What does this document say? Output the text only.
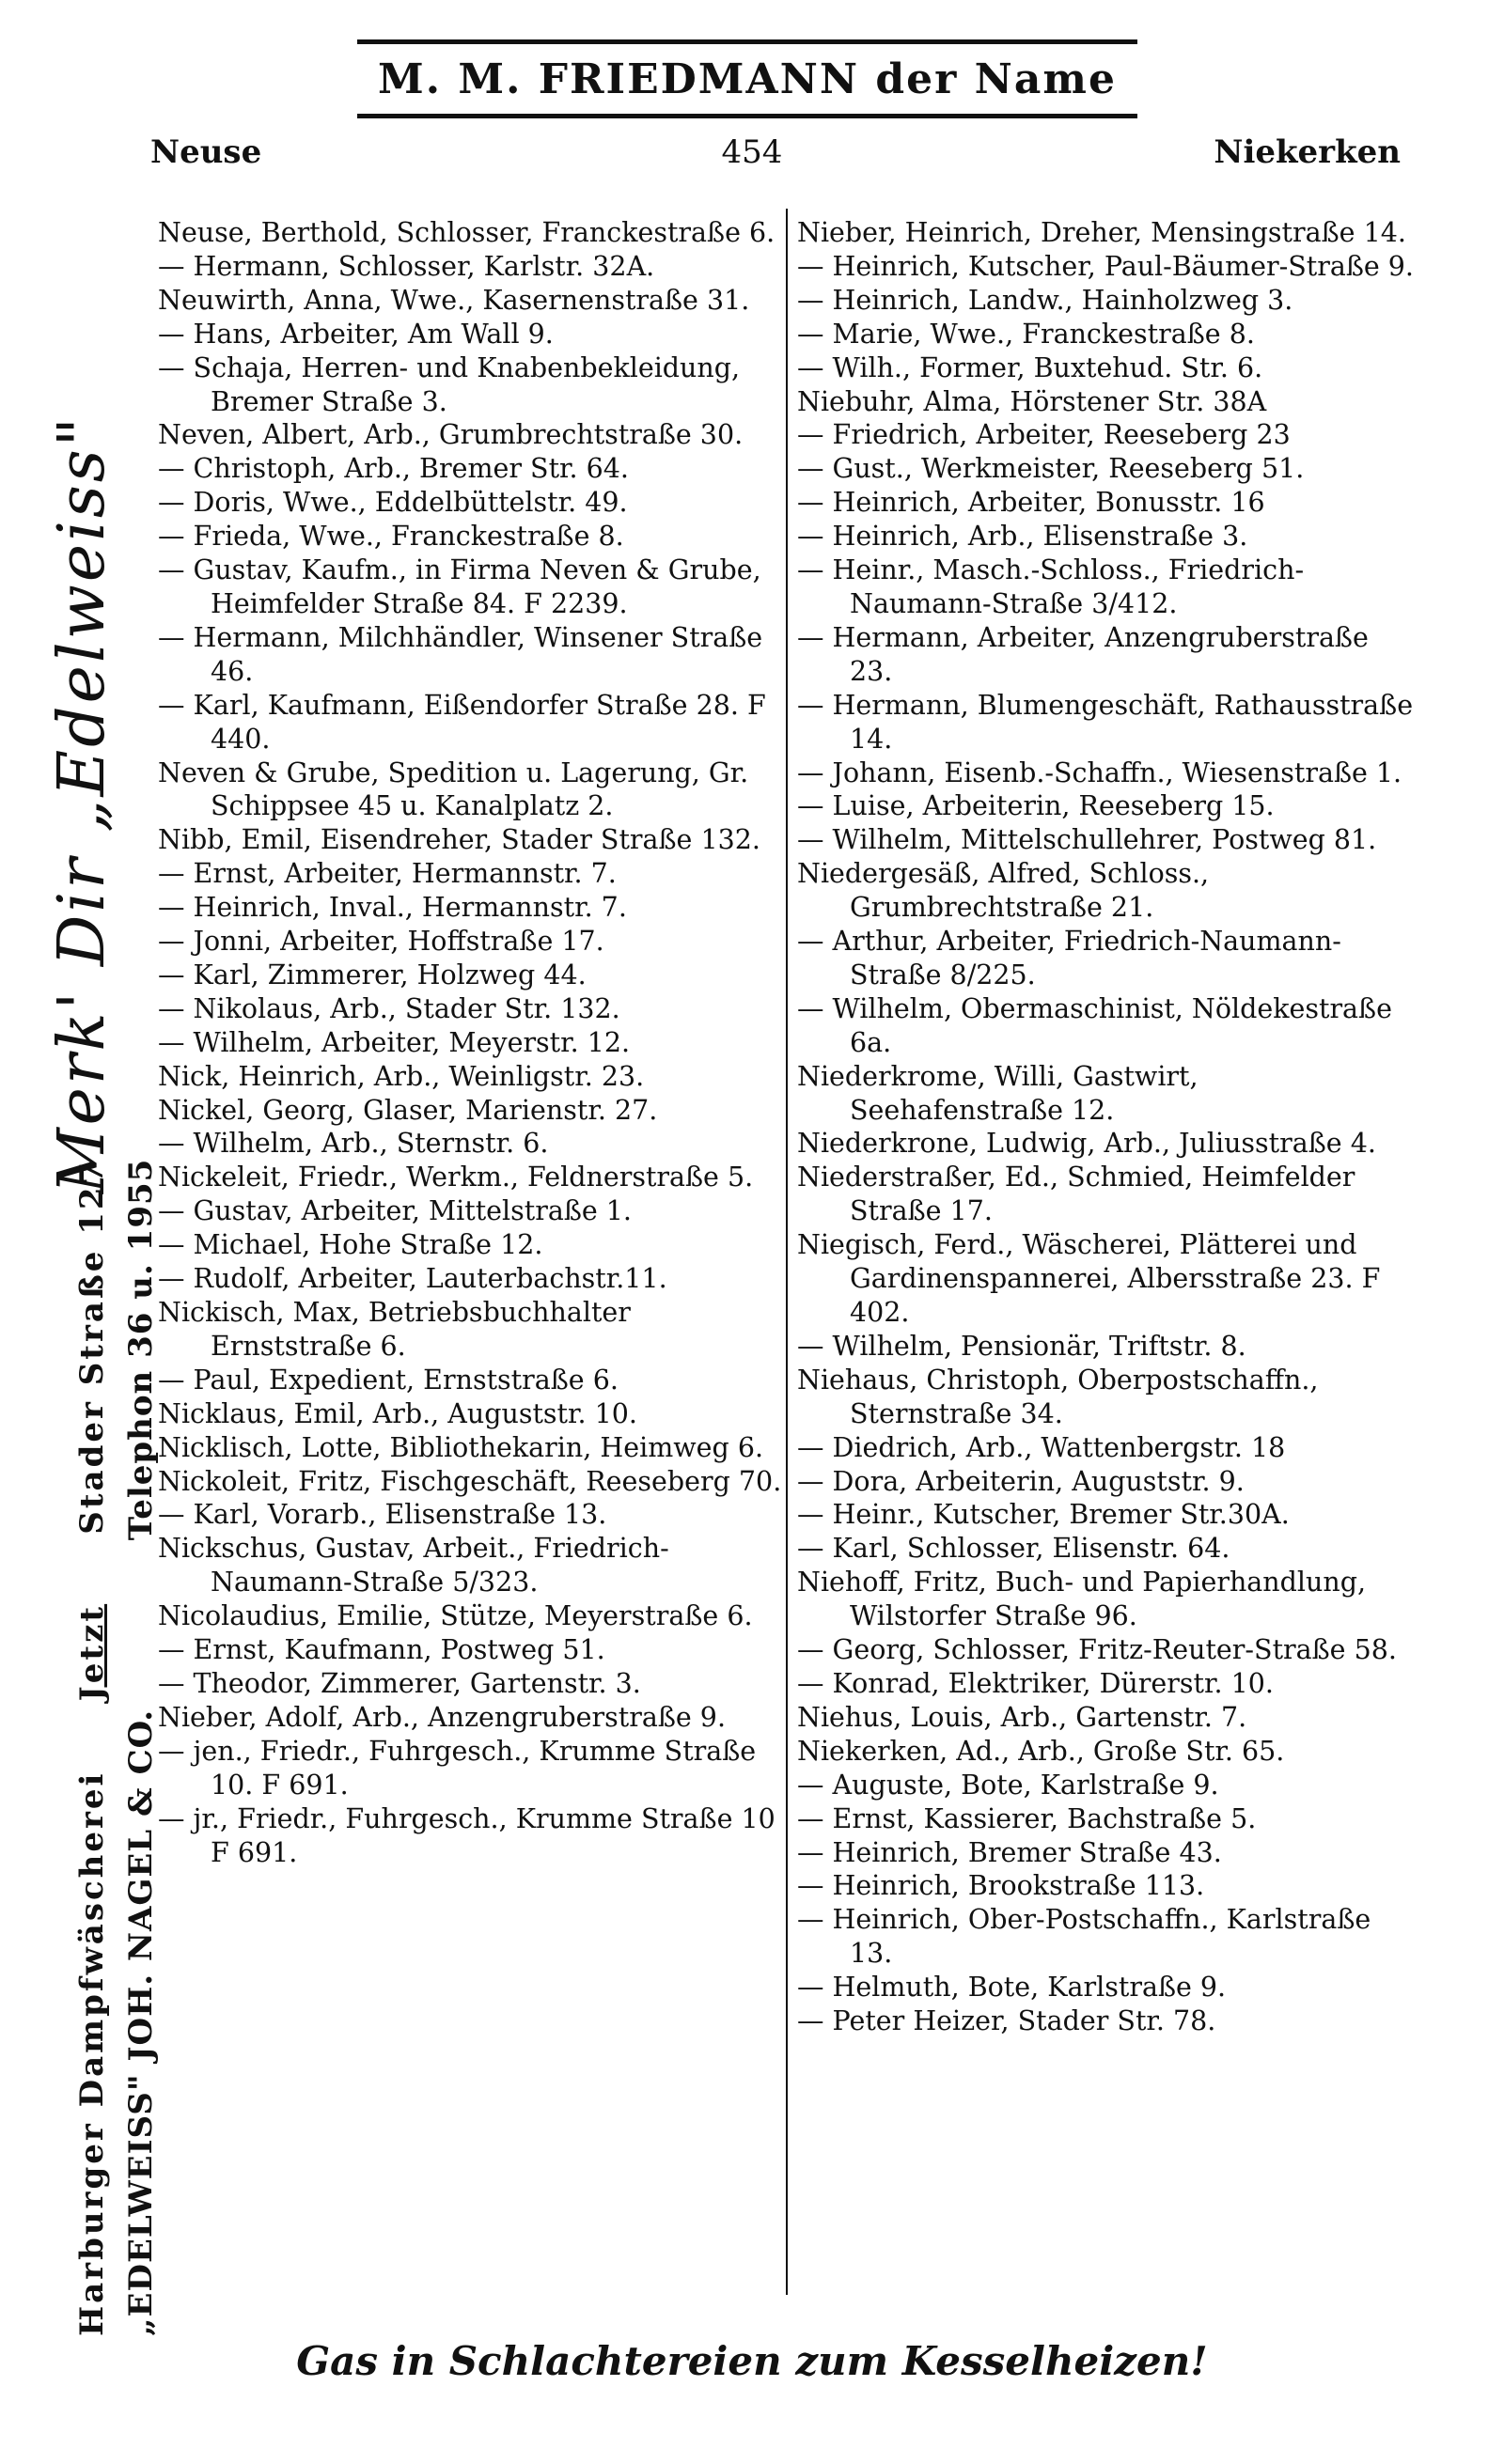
M. M. FRIEDMANN der Name
Neuse	454	Niekerken
Merk' Dir „Edelweiss"
Harburger Dampfwäscherei     Jetzt     Stader Straße 127
„EDELWEISS" JOH. NAGEL & CO.              Telephon 36 u. 1955
Neuse, Berthold, Schlosser, Franckestraße 6.
— Hermann, Schlosser, Karlstr. 32A.
Neuwirth, Anna, Wwe., Kasernenstraße 31.
— Hans, Arbeiter, Am Wall 9.
— Schaja, Herren- und Knabenbekleidung, Bremer Straße 3.
Neven, Albert, Arb., Grumbrechtstraße 30.
— Christoph, Arb., Bremer Str. 64.
— Doris, Wwe., Eddelbüttelstr. 49.
— Frieda, Wwe., Franckestraße 8.
— Gustav, Kaufm., in Firma Neven & Grube, Heimfelder Straße 84. F 2239.
— Hermann, Milchhändler, Winsener Straße 46.
— Karl, Kaufmann, Eißendorfer Straße 28. F 440.
Neven & Grube, Spedition u. Lagerung, Gr. Schippsee 45 u. Kanalplatz 2.
Nibb, Emil, Eisendreher, Stader Straße 132.
— Ernst, Arbeiter, Hermannstr. 7.
— Heinrich, Inval., Hermannstr. 7.
— Jonni, Arbeiter, Hoffstraße 17.
— Karl, Zimmerer, Holzweg 44.
— Nikolaus, Arb., Stader Str. 132.
— Wilhelm, Arbeiter, Meyerstr. 12.
Nick, Heinrich, Arb., Weinligstr. 23.
Nickel, Georg, Glaser, Marienstr. 27.
— Wilhelm, Arb., Sternstr. 6.
Nickeleit, Friedr., Werkm., Feldnerstraße 5.
— Gustav, Arbeiter, Mittelstraße 1.
— Michael, Hohe Straße 12.
— Rudolf, Arbeiter, Lauterbachstr.11.
Nickisch, Max, Betriebsbuchhalter Ernststraße 6.
— Paul, Expedient, Ernststraße 6.
Nicklaus, Emil, Arb., Auguststr. 10.
Nicklisch, Lotte, Bibliothekarin, Heimweg 6.
Nickoleit, Fritz, Fischgeschäft, Reeseberg 70.
— Karl, Vorarb., Elisenstraße 13.
Nickschus, Gustav, Arbeit., Friedrich-Naumann-Straße 5/323.
Nicolaudius, Emilie, Stütze, Meyerstraße 6.
— Ernst, Kaufmann, Postweg 51.
— Theodor, Zimmerer, Gartenstr. 3.
Nieber, Adolf, Arb., Anzengruberstraße 9.
— jen., Friedr., Fuhrgesch., Krumme Straße 10. F 691.
— jr., Friedr., Fuhrgesch., Krumme Straße 10 F 691.
Nieber, Heinrich, Dreher, Mensingstraße 14.
— Heinrich, Kutscher, Paul-Bäumer-Straße 9.
— Heinrich, Landw., Hainholzweg 3.
— Marie, Wwe., Franckestraße 8.
— Wilh., Former, Buxtehud. Str. 6.
Niebuhr, Alma, Hörstener Str. 38A
— Friedrich, Arbeiter, Reeseberg 23
— Gust., Werkmeister, Reeseberg 51.
— Heinrich, Arbeiter, Bonusstr. 16
— Heinrich, Arb., Elisenstraße 3.
— Heinr., Masch.-Schloss., Friedrich-Naumann-Straße 3/412.
— Hermann, Arbeiter, Anzengruberstraße 23.
— Hermann, Blumengeschäft, Rathausstraße 14.
— Johann, Eisenb.-Schaffn., Wiesenstraße 1.
— Luise, Arbeiterin, Reeseberg 15.
— Wilhelm, Mittelschullehrer, Postweg 81.
Niedergesäß, Alfred, Schloss., Grumbrechtstraße 21.
— Arthur, Arbeiter, Friedrich-Naumann-Straße 8/225.
— Wilhelm, Obermaschinist, Nöldekestraße 6a.
Niederkrome, Willi, Gastwirt, Seehafenstraße 12.
Niederkrone, Ludwig, Arb., Juliusstraße 4.
Niederstraßer, Ed., Schmied, Heimfelder Straße 17.
Niegisch, Ferd., Wäscherei, Plätterei und Gardinenspannerei, Albersstraße 23. F 402.
— Wilhelm, Pensionär, Triftstr. 8.
Niehaus, Christoph, Oberpostschaffn., Sternstraße 34.
— Diedrich, Arb., Wattenbergstr. 18
— Dora, Arbeiterin, Auguststr. 9.
— Heinr., Kutscher, Bremer Str.30A.
— Karl, Schlosser, Elisenstr. 64.
Niehoff, Fritz, Buch- und Papierhandlung, Wilstorfer Straße 96.
— Georg, Schlosser, Fritz-Reuter-Straße 58.
— Konrad, Elektriker, Dürerstr. 10.
Niehus, Louis, Arb., Gartenstr. 7.
Niekerken, Ad., Arb., Große Str. 65.
— Auguste, Bote, Karlstraße 9.
— Ernst, Kassierer, Bachstraße 5.
— Heinrich, Bremer Straße 43.
— Heinrich, Brookstraße 113.
— Heinrich, Ober-Postschaffn., Karlstraße 13.
— Helmuth, Bote, Karlstraße 9.
— Peter Heizer, Stader Str. 78.
Gas in Schlachtereien zum Kesselheizen!
